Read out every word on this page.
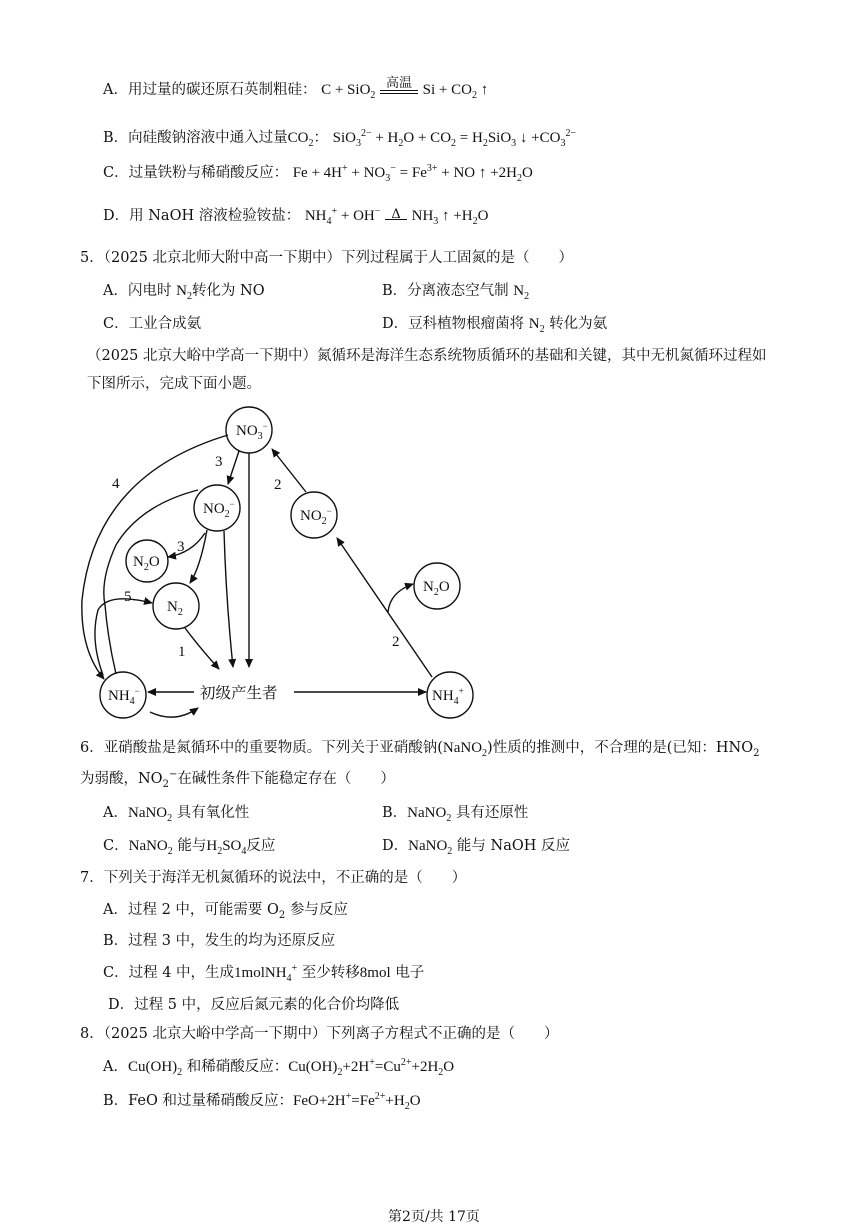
A．用过量的碳还原石英制粗硅： C + SiO$_2$
高温 $Si + CO_2$ ↑
B．向硅酸钠溶液中通入过量$CO_2$： $SiO_3^{2-} + H_2O + CO_2 = H_2SiO_3$ ↓ $+CO_3^{2-}$
C．过量铁粉与稀硝酸反应： $Fe + 4H^+ + NO_3^- = Fe^{3+}$ + NO ↑ $+2H_2O$
D．用 NaOH 溶液检验铵盐： $NH_4^+ + OH^-$ Δ $NH_3$ ↑ $+H_2O$
5．（2025 北京北师大附中高一下期中）下列过程属于人工固氮的是（　　）
A．闪电时 $N_2$转化为 NO	B．分离液态空气制 $N_2$
C．工业合成氨	D．豆科植物根瘤菌将 $N_2$ 转化为氨
（2025 北京大峪中学高一下期中）氮循环是海洋生态系统物质循环的基础和关键，其中无机氮循环过程如
下图所示，完成下面小题。
$NO_3^-$
$NO_2^-$
$N_2O$
$N_2$
$NO_2^-$
$N_2O$
$NH_4^-$	$NH_4^+$
3
2
4
3
5
1
2
初级产生者
6．亚硝酸盐是氮循环中的重要物质。下列关于亚硝酸钠(NaNO$_2$)性质的推测中，不合理的是(已知：$HNO_2$
为弱酸，$NO_2^-$在碱性条件下能稳定存在（　　）
A．NaNO$_2$ 具有氧化性	B．NaNO$_2$ 具有还原性
C．NaNO$_2$ 能与$H_2SO_4$反应	D．NaNO$_2$ 能与 NaOH 反应
7．下列关于海洋无机氮循环的说法中，不正确的是（　　）
A．过程 2 中，可能需要 $O_2$ 参与反应
B．过程 3 中，发生的均为还原反应
C．过程 4 中，生成1molNH$_4$+ 至少转移8mol 电子
D．过程 5 中，反应后氮元素的化合价均降低
8．（2025 北京大峪中学高一下期中）下列离子方程式不正确的是（　　）
A．$Cu(OH)_2$ 和稀硝酸反应：$Cu(OH)_2+2H^+=Cu^{2+}+2H_2O$
B．FeO 和过量稀硝酸反应：$FeO+2H^+=Fe^{2+}+H_2O$
第2页/共 17页
